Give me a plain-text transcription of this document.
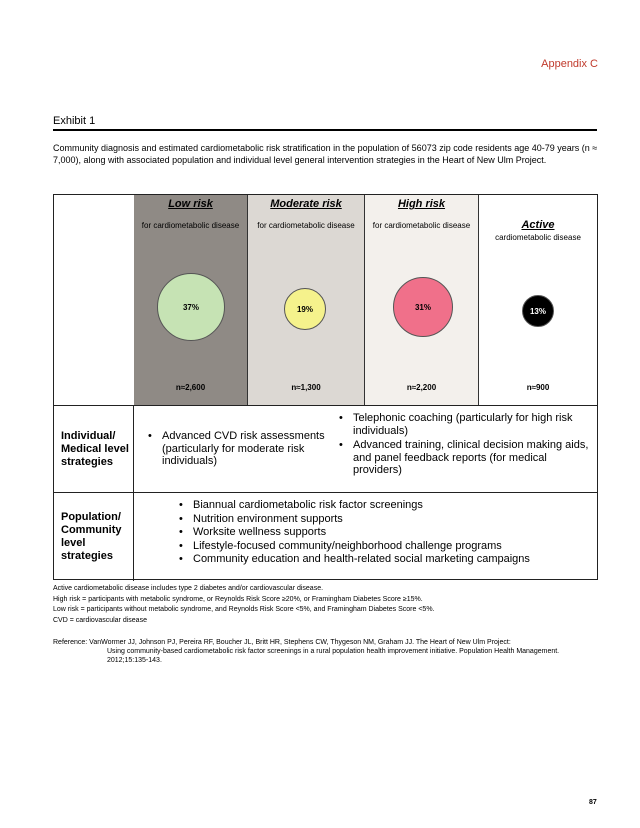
Appendix C
Exhibit 1
Community diagnosis and estimated cardiometabolic risk stratification in the population of 56073 zip code residents age 40-79 years (n ≈ 7,000), along with associated population and individual level general intervention strategies in the Heart of New Ulm Project.
Low risk
for cardiometabolic disease
37%
n≈2,600
Moderate risk
for cardiometabolic disease
19%
n≈1,300
High risk
for cardiometabolic disease
31%
n≈2,200
Active
cardiometabolic disease
13%
n≈900
Individual/ Medical level strategies
• Advanced CVD risk assessments (particularly for moderate risk individuals)
• Telephonic coaching (particularly for high risk individuals)
• Advanced training, clinical decision making aids, and panel feedback reports (for medical providers)
Population/ Community level strategies
• Biannual cardiometabolic risk factor screenings
• Nutrition environment supports
• Worksite wellness supports
• Lifestyle-focused community/neighborhood challenge programs
• Community education and health-related social marketing campaigns

Active cardiometabolic disease includes type 2 diabetes and/or cardiovascular disease.

High risk = participants with metabolic syndrome, or Reynolds Risk Score ≥20%, or Framingham Diabetes Score ≥15%.

Low risk = participants without metabolic syndrome, and Reynolds Risk Score <5%, and Framingham Diabetes Score <5%.

CVD = cardiovascular disease

Reference: VanWormer JJ, Johnson PJ, Pereira RF, Boucher JL, Britt HR, Stephens CW, Thygeson NM, Graham JJ. The Heart of New Ulm Project:
Using community-based cardiometabolic risk factor screenings in a rural population health improvement initiative. Population Health Management. 2012;15:135-143.
87
